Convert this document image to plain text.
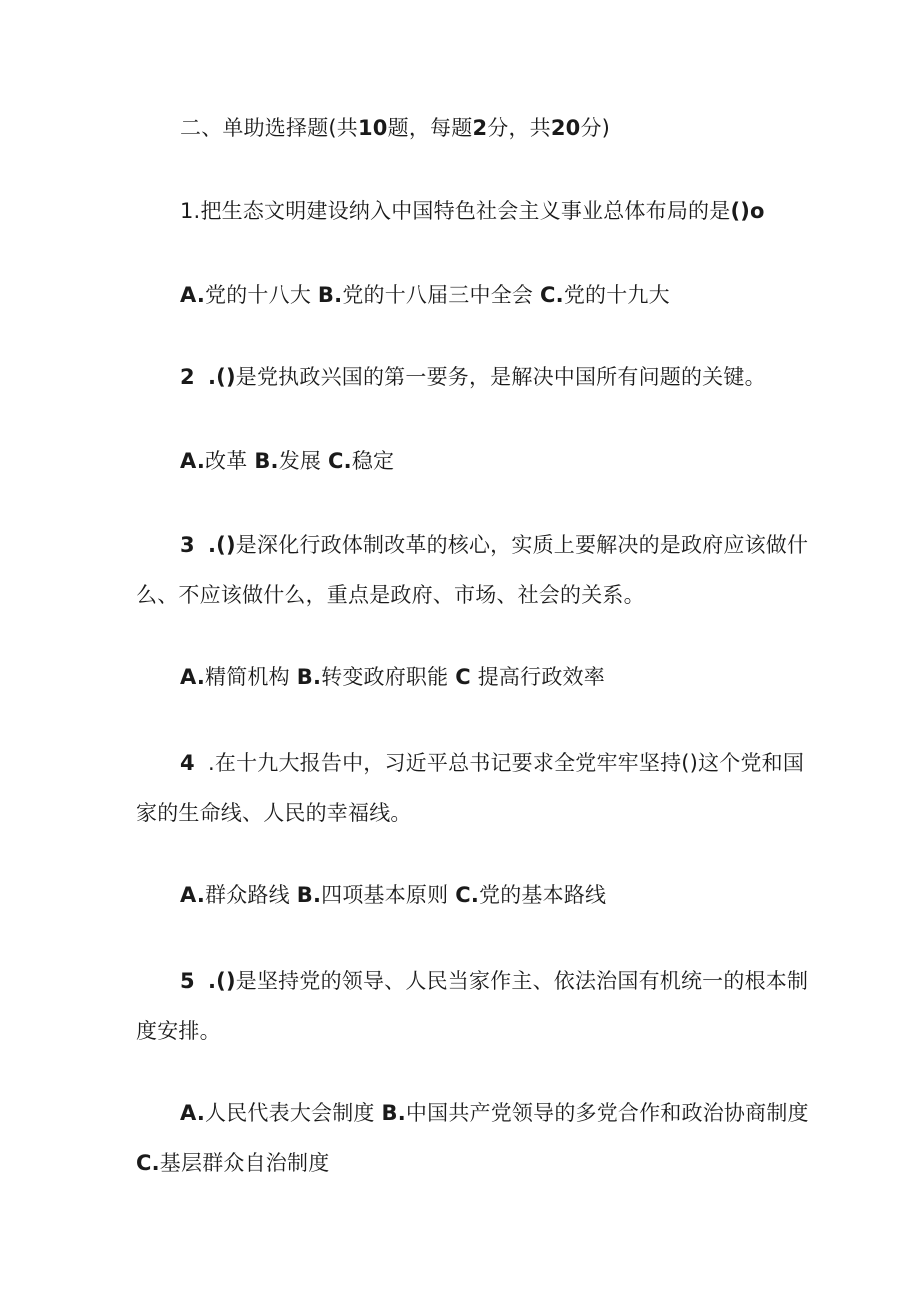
二、单助选择题(共10题，每题2分，共20分)
1.把生态文明建设纳入中国特色社会主义事业总体布局的是()o
A.党的十八大 B.党的十八届三中全会 C.党的十九大
2 .()是党执政兴国的第一要务，是解决中国所有问题的关键。
A.改革 B.发展 C.稳定
3 .()是深化行政体制改革的核心，实质上要解决的是政府应该做什
么、不应该做什么，重点是政府、市场、社会的关系。
A.精简机构 B.转变政府职能 C 提高行政效率
4 .在十九大报告中，习近平总书记要求全党牢牢坚持()这个党和国
家的生命线、人民的幸福线。
A.群众路线 B.四项基本原则 C.党的基本路线
5 .()是坚持党的领导、人民当家作主、依法治国有机统一的根本制
度安排。
A.人民代表大会制度 B.中国共产党领导的多党合作和政治协商制度
C.基层群众自治制度
